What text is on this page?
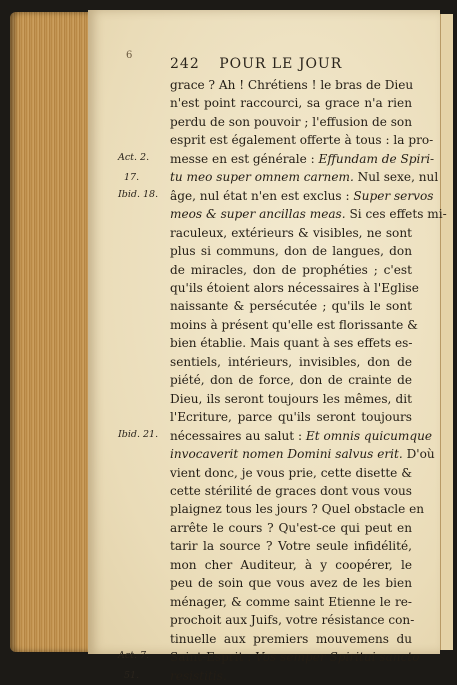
6
242 POUR LE JOUR
grace ? Ah ! Chrétiens ! le bras de Dieu
n'est point raccourci, sa grace n'a rien
perdu de son pouvoir ; l'effusion de son
esprit est également offerte à tous : la pro-
messe en est générale : Effundam de Spiri-
tu meo super omnem carnem. Nul sexe, nul
âge, nul état n'en est exclus : Super servos
meos & super ancillas meas. Si ces effets mi-
raculeux, extérieurs & visibles, ne sont
plus si communs, don de langues, don
de miracles, don de prophéties ; c'est
qu'ils étoient alors nécessaires à l'Eglise
naissante & persécutée ; qu'ils le sont
moins à présent qu'elle est florissante &
bien établie. Mais quant à ses effets es-
sentiels, intérieurs, invisibles, don de
piété, don de force, don de crainte de
Dieu, ils seront toujours les mêmes, dit
l'Ecriture, parce qu'ils seront toujours
nécessaires au salut : Et omnis quicumque
invocaverit nomen Domini salvus erit. D'où
vient donc, je vous prie, cette disette &
cette stérilité de graces dont vous vous
plaignez tous les jours ? Quel obstacle en
arrête le cours ? Qu'est-ce qui peut en
tarir la source ? Votre seule infidélité,
mon cher Auditeur, à y coopérer, le
peu de soin que vous avez de les bien
ménager, & comme saint Etienne le re-
prochoit aux Juifs, votre résistance con-
tinuelle aux premiers mouvemens du
Saint-Esprit : Vos semper Spiritui sancto
resistitis.
Act. 2.
17.
Ibid. 18.
Ibid. 21.
Act. 7.
51.
